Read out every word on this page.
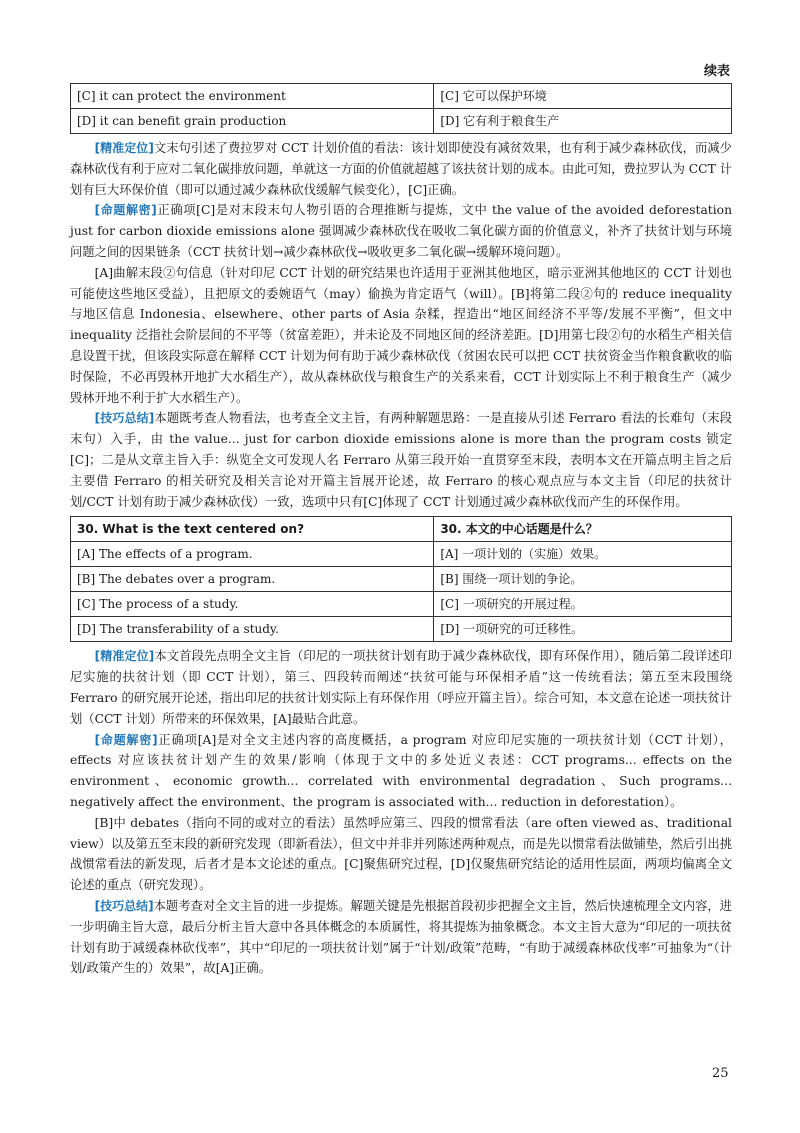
续表
[C] it can protect the environment	[C] 它可以保护环境
[D] it can benefit grain production	[D] 它有利于粮食生产

[精准定位]文末句引述了费拉罗对 CCT 计划价值的看法：该计划即使没有减贫效果，也有利于减少森林砍伐，而减少森林砍伐有利于应对二氧化碳排放问题，单就这一方面的价值就超越了该扶贫计划的成本。由此可知，费拉罗认为 CCT 计划有巨大环保价值（即可以通过减少森林砍伐缓解气候变化），[C]正确。

[命题解密]正确项[C]是对末段末句人物引语的合理推断与提炼，文中 the value of the avoided deforestation just for carbon dioxide emissions alone 强调减少森林砍伐在吸收二氧化碳方面的价值意义，补齐了扶贫计划与环境问题之间的因果链条（CCT 扶贫计划→减少森林砍伐→吸收更多二氧化碳→缓解环境问题）。

[A]曲解末段②句信息（针对印尼 CCT 计划的研究结果也许适用于亚洲其他地区，暗示亚洲其他地区的 CCT 计划也可能使这些地区受益），且把原文的委婉语气（may）偷换为肯定语气（will）。[B]将第二段②句的 reduce inequality 与地区信息 Indonesia、elsewhere、other parts of Asia 杂糅，捏造出“地区间经济不平等/发展不平衡”，但文中 inequality 泛指社会阶层间的不平等（贫富差距），并未论及不同地区间的经济差距。[D]用第七段②句的水稻生产相关信息设置干扰，但该段实际意在解释 CCT 计划为何有助于减少森林砍伐（贫困农民可以把 CCT 扶贫资金当作粮食歉收的临时保险，不必再毁林开地扩大水稻生产），故从森林砍伐与粮食生产的关系来看，CCT 计划实际上不利于粮食生产（减少毁林开地不利于扩大水稻生产）。

[技巧总结]本题既考查人物看法，也考查全文主旨，有两种解题思路：一是直接从引述 Ferraro 看法的长难句（末段末句）入手，由 the value... just for carbon dioxide emissions alone is more than the program costs 锁定[C]；二是从文章主旨入手：纵览全文可发现人名 Ferraro 从第三段开始一直贯穿至末段，表明本文在开篇点明主旨之后主要借 Ferraro 的相关研究及相关言论对开篇主旨展开论述，故 Ferraro 的核心观点应与本文主旨（印尼的扶贫计划/CCT 计划有助于减少森林砍伐）一致，选项中只有[C]体现了 CCT 计划通过减少森林砍伐而产生的环保作用。

30. What is the text centered on?	30. 本文的中心话题是什么？
[A] The effects of a program.	[A] 一项计划的（实施）效果。
[B] The debates over a program.	[B] 围绕一项计划的争论。
[C] The process of a study.	[C] 一项研究的开展过程。
[D] The transferability of a study.	[D] 一项研究的可迁移性。

[精准定位]本文首段先点明全文主旨（印尼的一项扶贫计划有助于减少森林砍伐，即有环保作用），随后第二段详述印尼实施的扶贫计划（即 CCT 计划），第三、四段转而阐述“扶贫可能与环保相矛盾”这一传统看法；第五至末段围绕 Ferraro 的研究展开论述，指出印尼的扶贫计划实际上有环保作用（呼应开篇主旨）。综合可知，本文意在论述一项扶贫计划（CCT 计划）所带来的环保效果，[A]最贴合此意。

[命题解密]正确项[A]是对全文主述内容的高度概括，a program 对应印尼实施的一项扶贫计划（CCT 计划），effects 对应该扶贫计划产生的效果/影响（体现于文中的多处近义表述：CCT programs... effects on the environment、economic growth... correlated with environmental degradation、Such programs... negatively affect the environment、the program is associated with... reduction in deforestation）。

[B]中 debates（指向不同的或对立的看法）虽然呼应第三、四段的惯常看法（are often viewed as、traditional view）以及第五至末段的新研究发现（即新看法），但文中并非并列陈述两种观点，而是先以惯常看法做铺垫，然后引出挑战惯常看法的新发现，后者才是本文论述的重点。[C]聚焦研究过程，[D]仅聚焦研究结论的适用性层面，两项均偏离全文论述的重点（研究发现）。

[技巧总结]本题考查对全文主旨的进一步提炼。解题关键是先根据首段初步把握全文主旨，然后快速梳理全文内容，进一步明确主旨大意，最后分析主旨大意中各具体概念的本质属性，将其提炼为抽象概念。本文主旨大意为“印尼的一项扶贫计划有助于减缓森林砍伐率”，其中“印尼的一项扶贫计划”属于“计划/政策”范畴，“有助于减缓森林砍伐率”可抽象为“（计划/政策产生的）效果”，故[A]正确。

25
